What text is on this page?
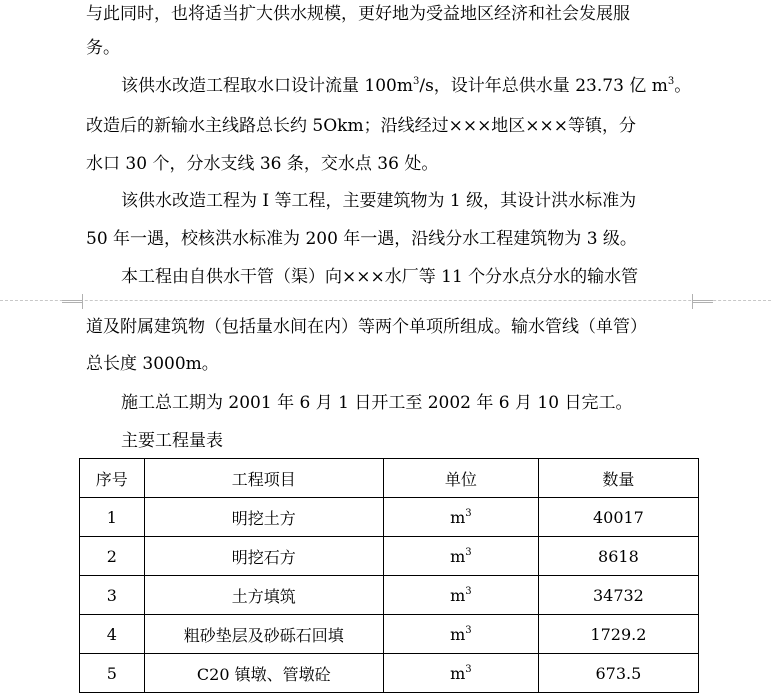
与此同时，也将适当扩大供水规模，更好地为受益地区经济和社会发展服
务。
该供水改造工程取水口设计流量 $100m^3/s$，设计年总供水量 23.73 亿 $m^3$。
改造后的新输水主线路总长约 5Okm；沿线经过×××地区×××等镇，分
水口 30 个，分水支线 36 条，交水点 36 处。
该供水改造工程为 I 等工程，主要建筑物为 1 级，其设计洪水标准为
50 年一遇，校核洪水标准为 200 年一遇，沿线分水工程建筑物为 3 级。
本工程由自供水干管（渠）向×××水厂等 11 个分水点分水的输水管
道及附属建筑物（包括量水间在内）等两个单项所组成。输水管线（单管）
总长度 3000m。
施工总工期为 2001 年 6 月 1 日开工至 2002 年 6 月 10 日完工。
主要工程量表
序号	工程项目	单位	数量
1	明挖土方	$m^3$	40017
2	明挖石方	$m^3$	8618
3	土方填筑	$m^3$	34732
4	粗砂垫层及砂砾石回填	$m^3$	1729.2
5	C20 镇墩、管墩砼	$m^3$	673.5
